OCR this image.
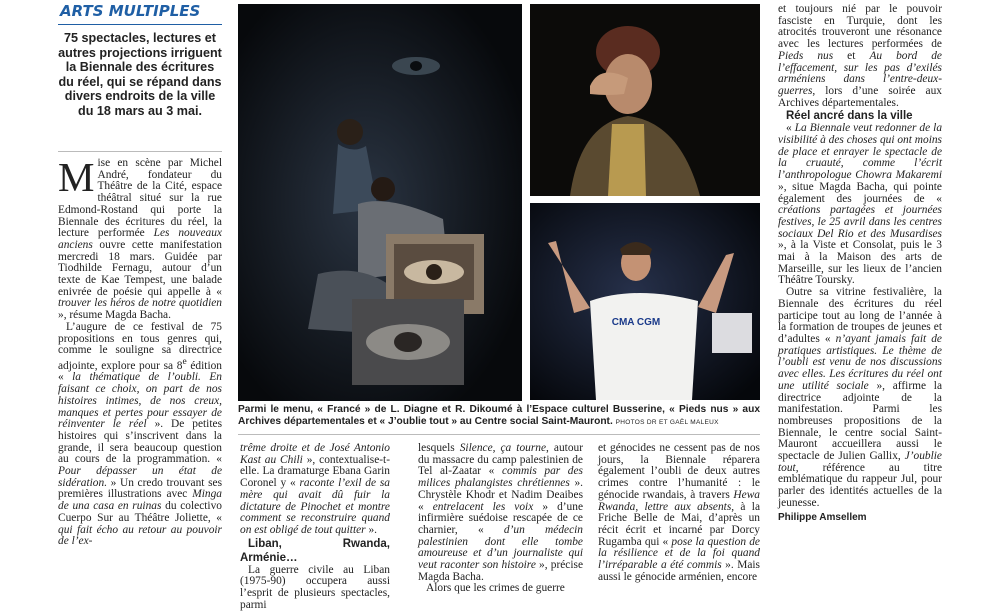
ARTS MULTIPLES
75 spectacles, lectures et autres projections irriguent la Biennale des écritures du réel, qui se répand dans divers endroits de la ville du 18 mars au 3 mai.

Mise en scène par Michel André, fondateur du Théâtre de la Cité, espace théâtral situé sur la rue Edmond-Rostand qui porte la Biennale des écritures du réel, la lecture performée Les nouveaux anciens ouvre cette manifestation mercredi 18 mars. Guidée par Tiodhilde Fernagu, autour d’un texte de Kae Tempest, une balade enivrée de poésie qui appelle à « trouver les héros de notre quotidien », résume Magda Bacha.

L’augure de ce festival de 75 propositions en tous genres qui, comme le souligne sa directrice adjointe, explore pour sa 8e édition « la thématique de l’oubli. En faisant ce choix, on part de nos histoires intimes, de nos creux, manques et pertes pour essayer de réinventer le réel ». De petites histoires qui s’inscrivent dans la grande, il sera beaucoup question au cours de la programmation. « Pour dépasser un état de sidération. » Un credo trouvant ses premières illustrations avec Minga de una casa en ruinas du colectivo Cuerpo Sur au Théâtre Joliette, « qui fait écho au retour au pouvoir de l’ex-

CMA CGM
Parmi le menu, « Francé » de L. Diagne et R. Dikoumé à l’Espace culturel Busserine, « Pieds nus » aux Archives départementales et « J’oublie tout » au Centre social Saint-Mauront. PHOTOS DR ET GAËL MALEUX

trême droite et de José Antonio Kast au Chili », contextualise-t-elle. La dramaturge Ebana Garin Coronel y « raconte l’exil de sa mère qui avait dû fuir la dictature de Pinochet et montre comment se reconstruire quand on est obligé de tout quitter ».

Liban, Rwanda, Arménie…

La guerre civile au Liban (1975-90) occupera aussi l’esprit de plusieurs spectacles, parmi

lesquels Silence, ça tourne, autour du massacre du camp palestinien de Tel al-Zaatar « commis par des milices phalangistes chrétiennes ». Chrystèle Khodr et Nadim Deaibes « entrelacent les voix » d’une infirmière suédoise rescapée de ce charnier, « d’un médecin palestinien dont elle tombe amoureuse et d’un journaliste qui veut raconter son histoire », précise Magda Bacha.

Alors que les crimes de guerre

et génocides ne cessent pas de nos jours, la Biennale réparera également l’oubli de deux autres crimes contre l’humanité : le génocide rwandais, à travers Hewa Rwanda, lettre aux absents, à la Friche Belle de Mai, d’après un récit écrit et incarné par Dorcy Rugamba qui « pose la question de la résilience et de la foi quand l’irréparable a été commis ». Mais aussi le génocide arménien, encore

et toujours nié par le pouvoir fasciste en Turquie, dont les atrocités trouveront une résonance avec les lectures performées de Pieds nus et Au bord de l’effacement, sur les pas d’exilés arméniens dans l’entre-deux-guerres, lors d’une soirée aux Archives départementales.

Réel ancré dans la ville

« La Biennale veut redonner de la visibilité à des choses qui ont moins de place et enrayer le spectacle de la cruauté, comme l’écrit l’anthropologue Chowra Makaremi », situe Magda Bacha, qui pointe également des journées de « créations partagées et journées festives, le 25 avril dans les centres sociaux Del Rio et des Musardises », à la Viste et Consolat, puis le 3 mai à la Maison des arts de Marseille, sur les lieux de l’ancien Théâtre Toursky.

Outre sa vitrine festivalière, la Biennale des écritures du réel participe tout au long de l’année à la formation de troupes de jeunes et d’adultes « n’ayant jamais fait de pratiques artistiques. Le thème de l’oubli est venu de nos discussions avec elles. Les écritures du réel ont une utilité sociale », affirme la directrice adjointe de la manifestation. Parmi les nombreuses propositions de la Biennale, le centre social Saint-Mauront accueillera aussi le spectacle de Julien Gallix, J’oublie tout, référence au titre emblématique du rappeur Jul, pour parler des identités actuelles de la jeunesse.

Philippe Amsellem
